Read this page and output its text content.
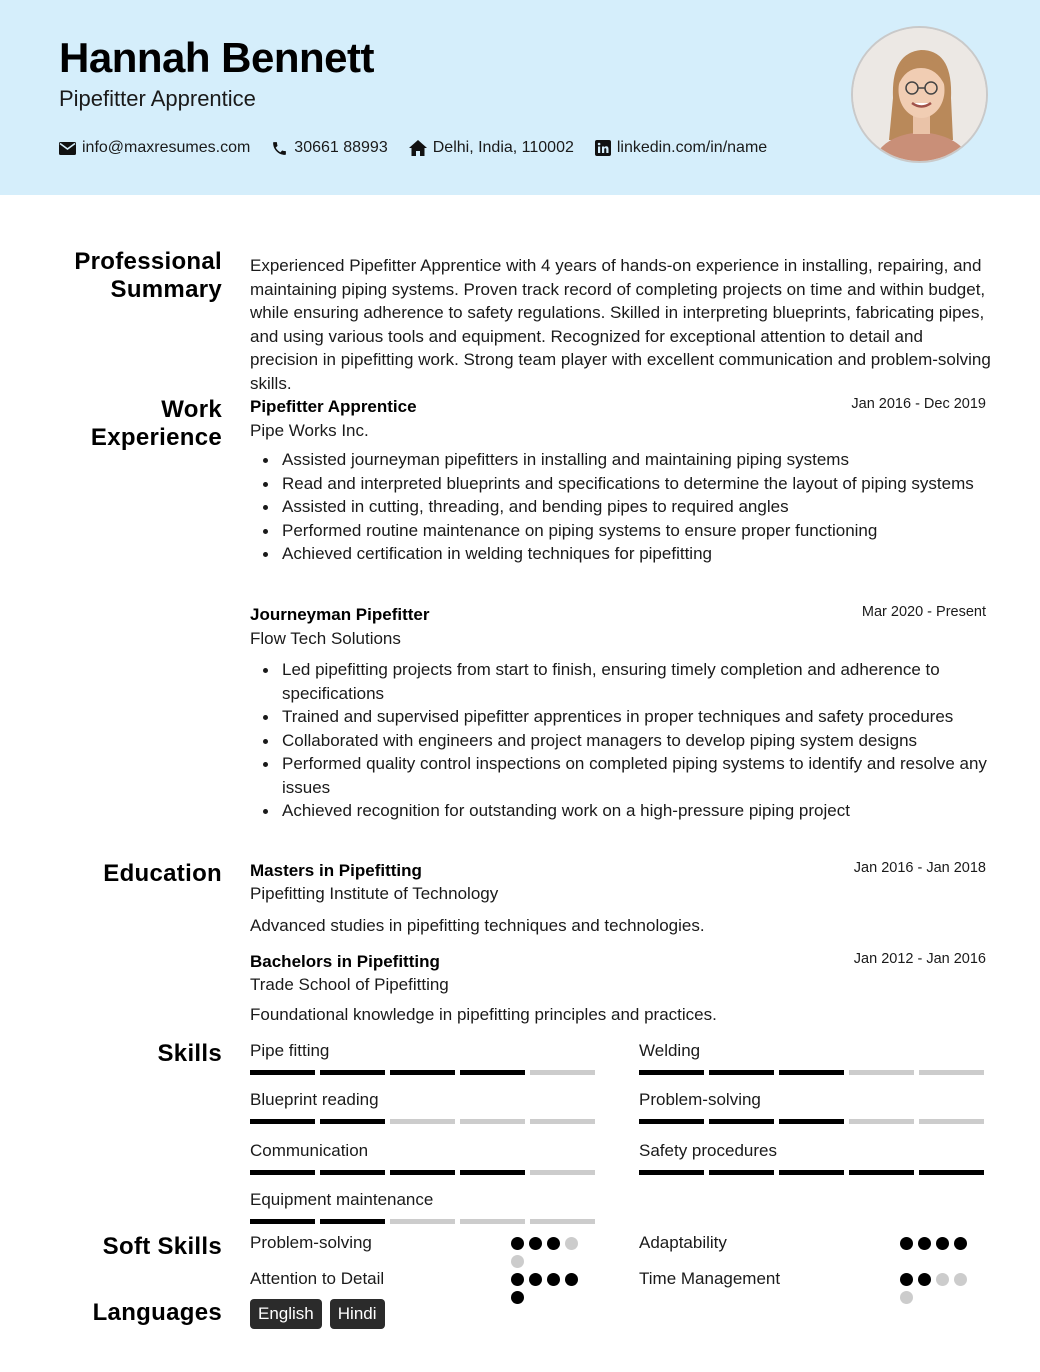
Hannah Bennett
Pipefitter Apprentice
info@maxresumes.com	30661 88993	Delhi, India, 110002	linkedin.com/in/name
Professional
Summary
Experienced Pipefitter Apprentice with 4 years of hands-on experience in installing, repairing, and maintaining piping systems. Proven track record of completing projects on time and within budget, while ensuring adherence to safety regulations. Skilled in interpreting blueprints, fabricating pipes, and using various tools and equipment. Recognized for exceptional attention to detail and precision in pipefitting work. Strong team player with excellent communication and problem-solving skills.
Work
Experience
Pipefitter Apprentice	Jan 2016 - Dec 2019
Pipe Works Inc.
Assisted journeyman pipefitters in installing and maintaining piping systems
Read and interpreted blueprints and specifications to determine the layout of piping systems
Assisted in cutting, threading, and bending pipes to required angles
Performed routine maintenance on piping systems to ensure proper functioning
Achieved certification in welding techniques for pipefitting
Journeyman Pipefitter	Mar 2020 - Present
Flow Tech Solutions
Led pipefitting projects from start to finish, ensuring timely completion and adherence to specifications
Trained and supervised pipefitter apprentices in proper techniques and safety procedures
Collaborated with engineers and project managers to develop piping system designs
Performed quality control inspections on completed piping systems to identify and resolve any issues
Achieved recognition for outstanding work on a high-pressure piping project
Education Masters in Pipefitting	Jan 2016 - Jan 2018
Pipefitting Institute of Technology
Advanced studies in pipefitting techniques and technologies.
Bachelors in Pipefitting	Jan 2012 - Jan 2016
Trade School of Pipefitting
Foundational knowledge in pipefitting principles and practices.
Skills Pipe fitting	Welding
Blueprint reading	Problem-solving
Communication	Safety procedures
Equipment maintenance
Soft Skills Problem-solving	Adaptability
Attention to Detail	Time Management
Languages	English	Hindi
